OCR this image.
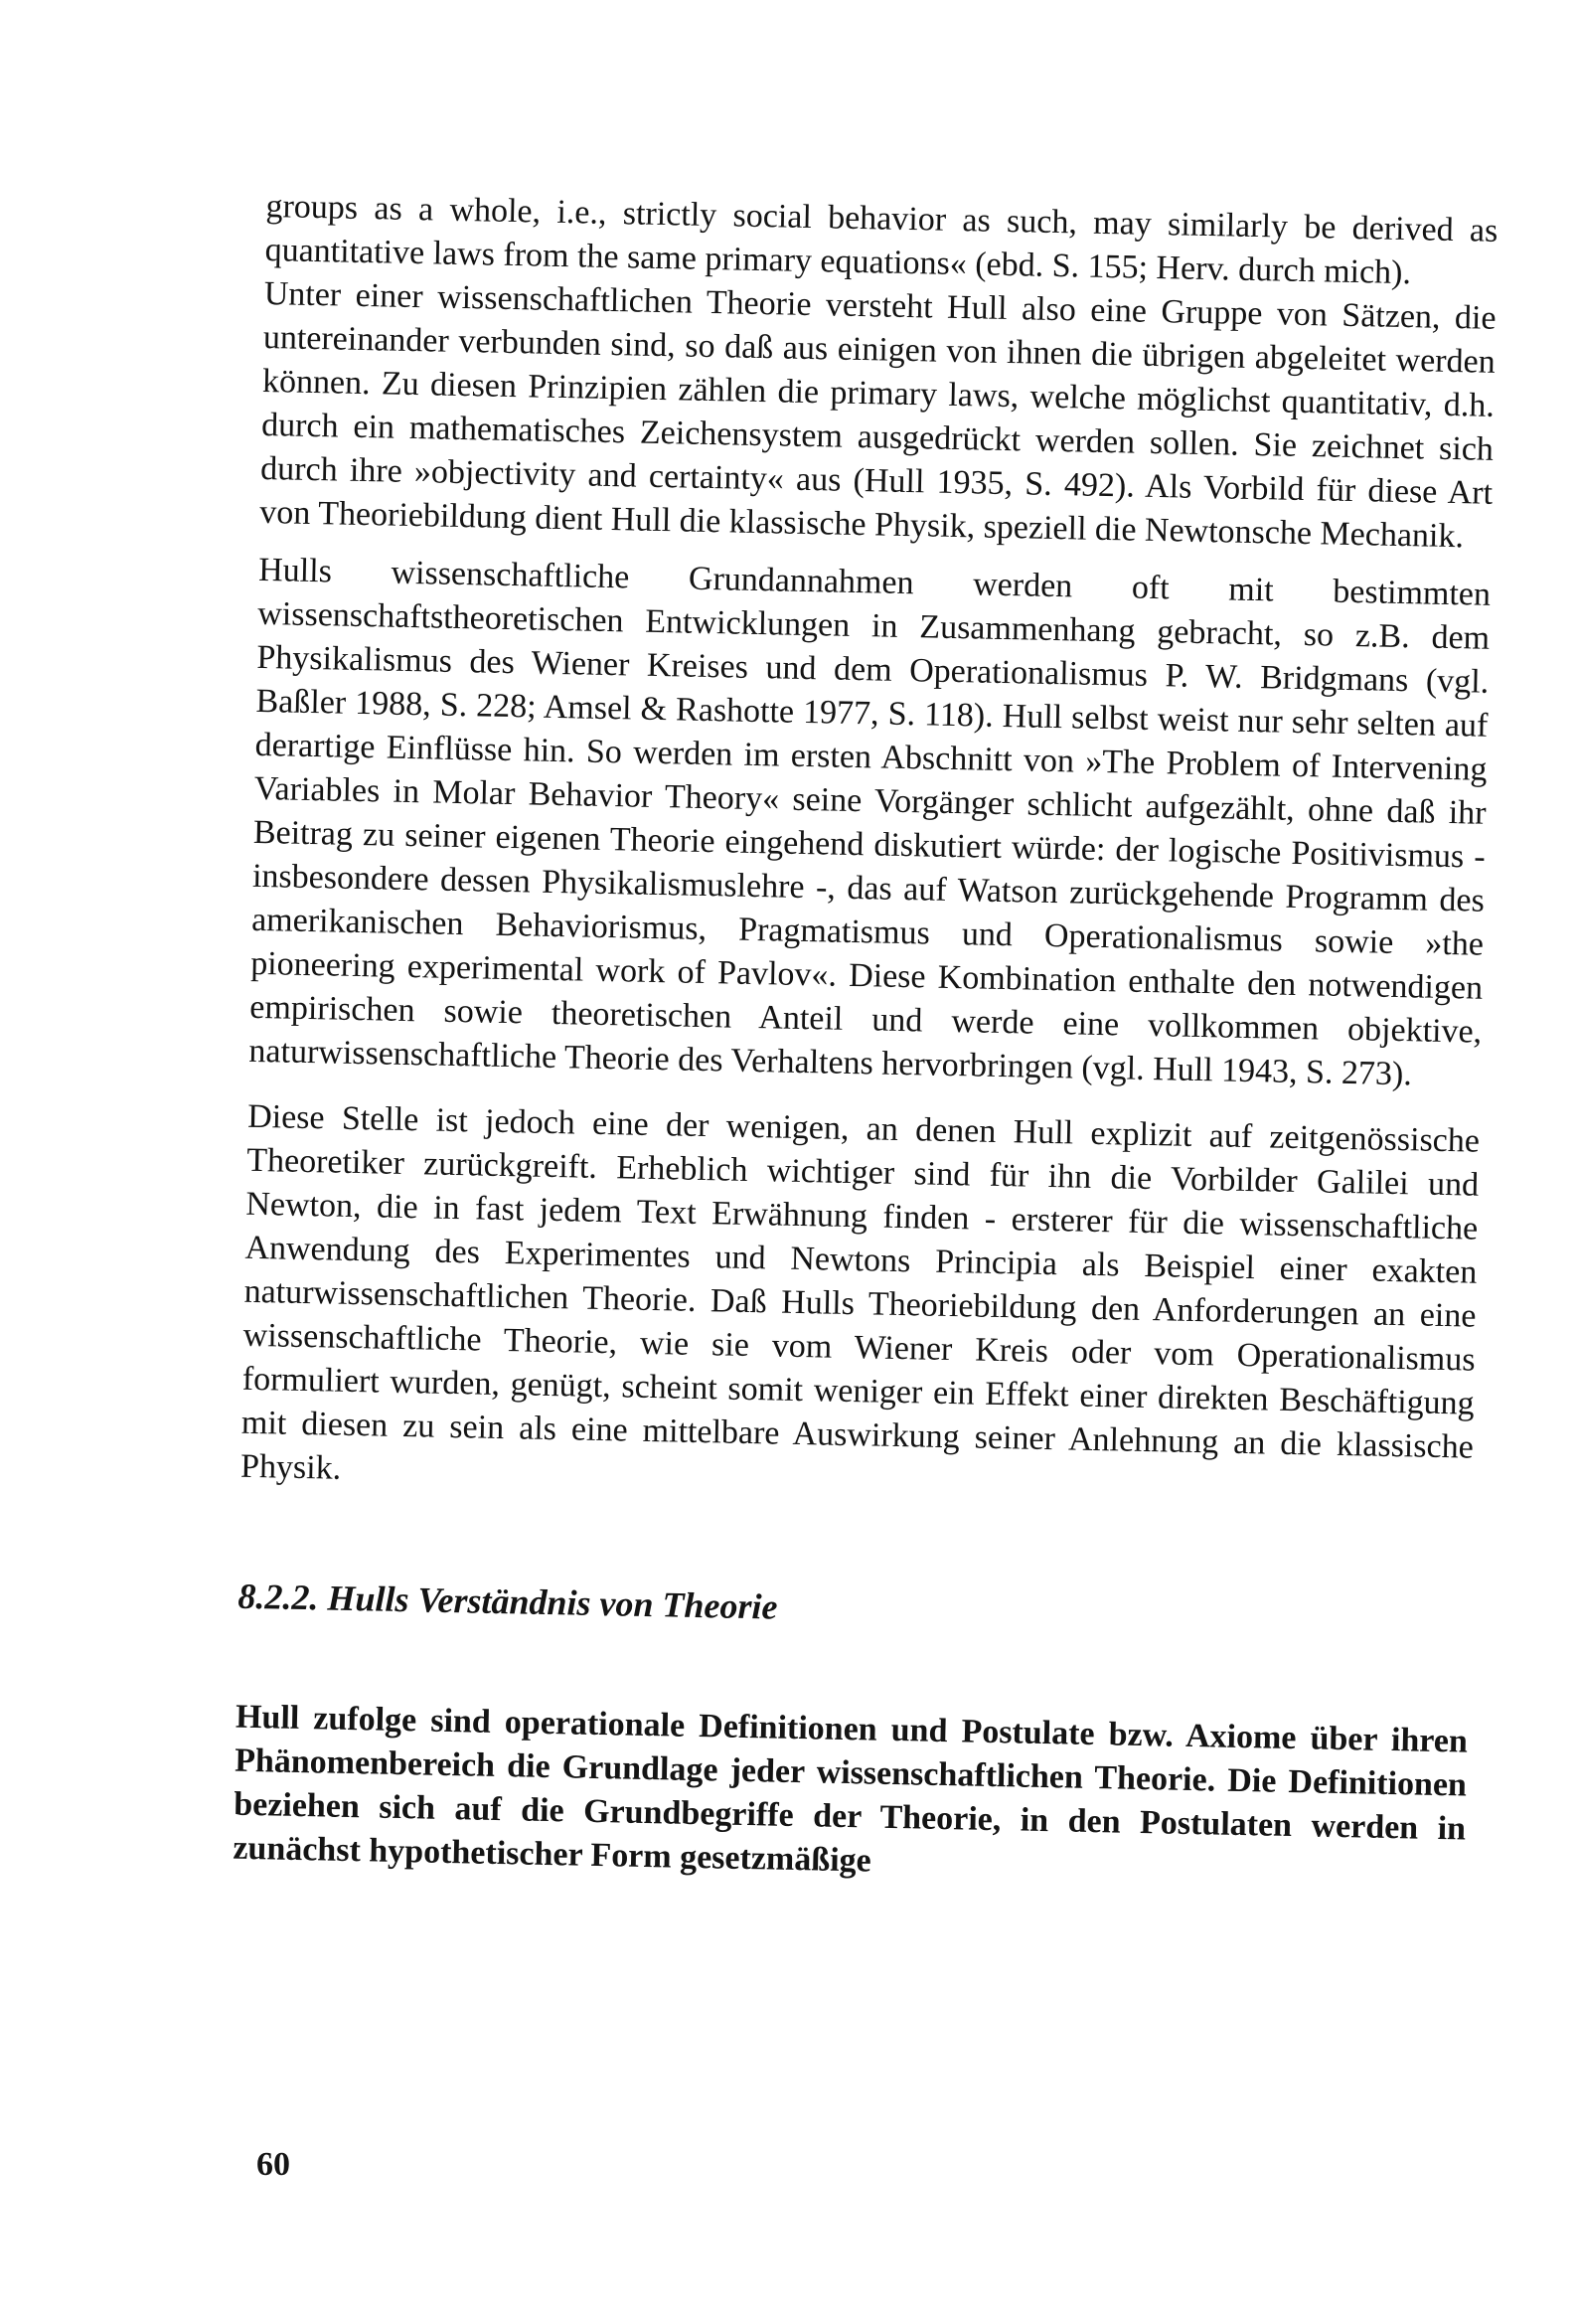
groups as a whole, i.e., strictly social behavior as such, may similarly be derived as quantitative laws from the same primary equations« (ebd. S. 155; Herv. durch mich).

Unter einer wissenschaftlichen Theorie versteht Hull also eine Gruppe von Sätzen, die untereinander verbunden sind, so daß aus einigen von ihnen die übrigen abgeleitet werden können. Zu diesen Prinzipien zählen die primary laws, welche möglichst quantitativ, d.h. durch ein mathematisches Zeichensystem ausgedrückt werden sollen. Sie zeichnet sich durch ihre »objectivity and certainty« aus (Hull 1935, S. 492). Als Vorbild für diese Art von Theoriebildung dient Hull die klassische Physik, speziell die Newtonsche Mechanik.

Hulls wissenschaftliche Grundannahmen werden oft mit bestimmten wissenschaftstheoretischen Entwicklungen in Zusammenhang gebracht, so z.B. dem Physikalismus des Wiener Kreises und dem Operationalismus P. W. Bridgmans (vgl. Baßler 1988, S. 228; Amsel & Rashotte 1977, S. 118). Hull selbst weist nur sehr selten auf derartige Einflüsse hin. So werden im ersten Abschnitt von »The Problem of Intervening Variables in Molar Behavior Theory« seine Vorgänger schlicht aufgezählt, ohne daß ihr Beitrag zu seiner eigenen Theorie eingehend diskutiert würde: der logische Positivismus - insbesondere dessen Physikalismuslehre -, das auf Watson zurückgehende Programm des amerikanischen Behaviorismus, Pragmatismus und Operationalismus sowie »the pioneering experimental work of Pavlov«. Diese Kombination enthalte den notwendigen empirischen sowie theoretischen Anteil und werde eine vollkommen objektive, naturwissenschaftliche Theorie des Verhaltens hervorbringen (vgl. Hull 1943, S. 273).

Diese Stelle ist jedoch eine der wenigen, an denen Hull explizit auf zeitgenössische Theoretiker zurückgreift. Erheblich wichtiger sind für ihn die Vorbilder Galilei und Newton, die in fast jedem Text Erwähnung finden - ersterer für die wissenschaftliche Anwendung des Experimentes und Newtons Principia als Beispiel einer exakten naturwissenschaftlichen Theorie. Daß Hulls Theoriebildung den Anforderungen an eine wissenschaftliche Theorie, wie sie vom Wiener Kreis oder vom Operationalismus formuliert wurden, genügt, scheint somit weniger ein Effekt einer direkten Beschäftigung mit diesen zu sein als eine mittelbare Auswirkung seiner Anlehnung an die klassische Physik.

8.2.2. Hulls Verständnis von Theorie

Hull zufolge sind operationale Definitionen und Postulate bzw. Axiome über ihren Phänomenbereich die Grundlage jeder wissenschaftlichen Theorie. Die Definitionen beziehen sich auf die Grundbegriffe der Theorie, in den Postulaten werden in zunächst hypothetischer Form gesetzmäßige

60
